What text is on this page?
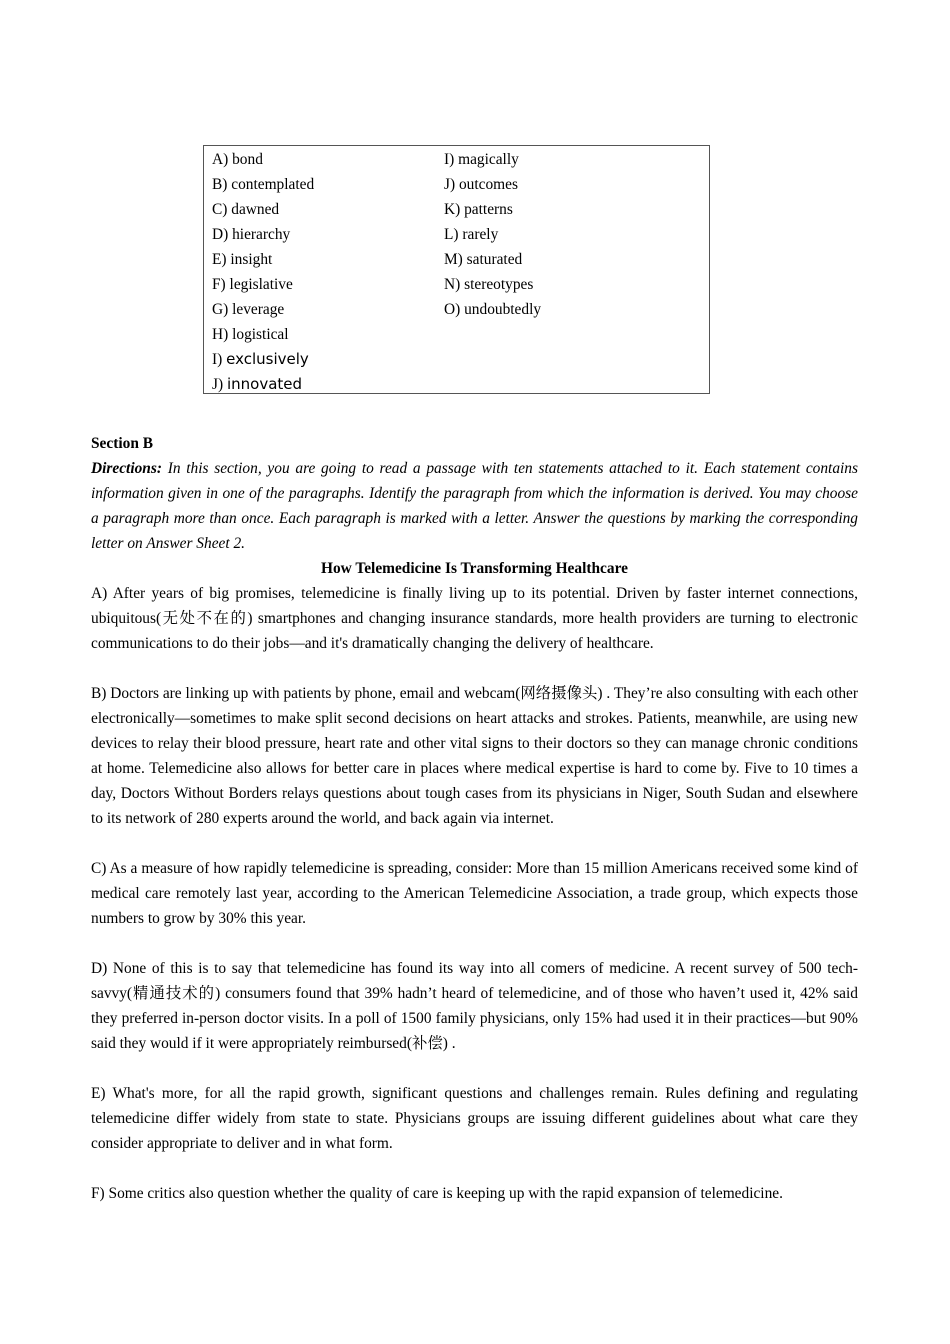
A) bond
B) contemplated
C) dawned
D) hierarchy
E) insight
F) legislative
G) leverage
H) logistical
I) exclusively
J) innovated
I) magically
J) outcomes
K) patterns
L) rarely
M) saturated
N) stereotypes
O) undoubtedly
Section B
Directions: In this section, you are going to read a passage with ten statements attached to it. Each statement contains information given in one of the paragraphs. Identify the paragraph from which the information is derived. You may choose a paragraph more than once. Each paragraph is marked with a letter. Answer the questions by marking the corresponding letter on Answer Sheet 2.
How Telemedicine Is Transforming Healthcare

A) After years of big promises, telemedicine is finally living up to its potential. Driven by faster internet connections, ubiquitous(无处不在的) smartphones and changing insurance standards, more health providers are turning to electronic communications to do their jobs—and it's dramatically changing the delivery of healthcare.

B) Doctors are linking up with patients by phone, email and webcam(网络摄像头) . They’re also consulting with each other electronically—sometimes to make split second decisions on heart attacks and strokes. Patients, meanwhile, are using new devices to relay their blood pressure, heart rate and other vital signs to their doctors so they can manage chronic conditions at home. Telemedicine also allows for better care in places where medical expertise is hard to come by. Five to 10 times a day, Doctors Without Borders relays questions about tough cases from its physicians in Niger, South Sudan and elsewhere to its network of 280 experts around the world, and back again via internet.

C) As a measure of how rapidly telemedicine is spreading, consider: More than 15 million Americans received some kind of medical care remotely last year, according to the American Telemedicine Association, a trade group, which expects those numbers to grow by 30% this year.

D) None of this is to say that telemedicine has found its way into all comers of medicine. A recent survey of 500 tech-savvy(精通技术的) consumers found that 39% hadn’t heard of telemedicine, and of those who haven’t used it, 42% said they preferred in-person doctor visits. In a poll of 1500 family physicians, only 15% had used it in their practices—but 90% said they would if it were appropriately reimbursed(补偿) .

E) What's more, for all the rapid growth, significant questions and challenges remain. Rules defining and regulating telemedicine differ widely from state to state. Physicians groups are issuing different guidelines about what care they consider appropriate to deliver and in what form.

F) Some critics also question whether the quality of care is keeping up with the rapid expansion of telemedicine.
